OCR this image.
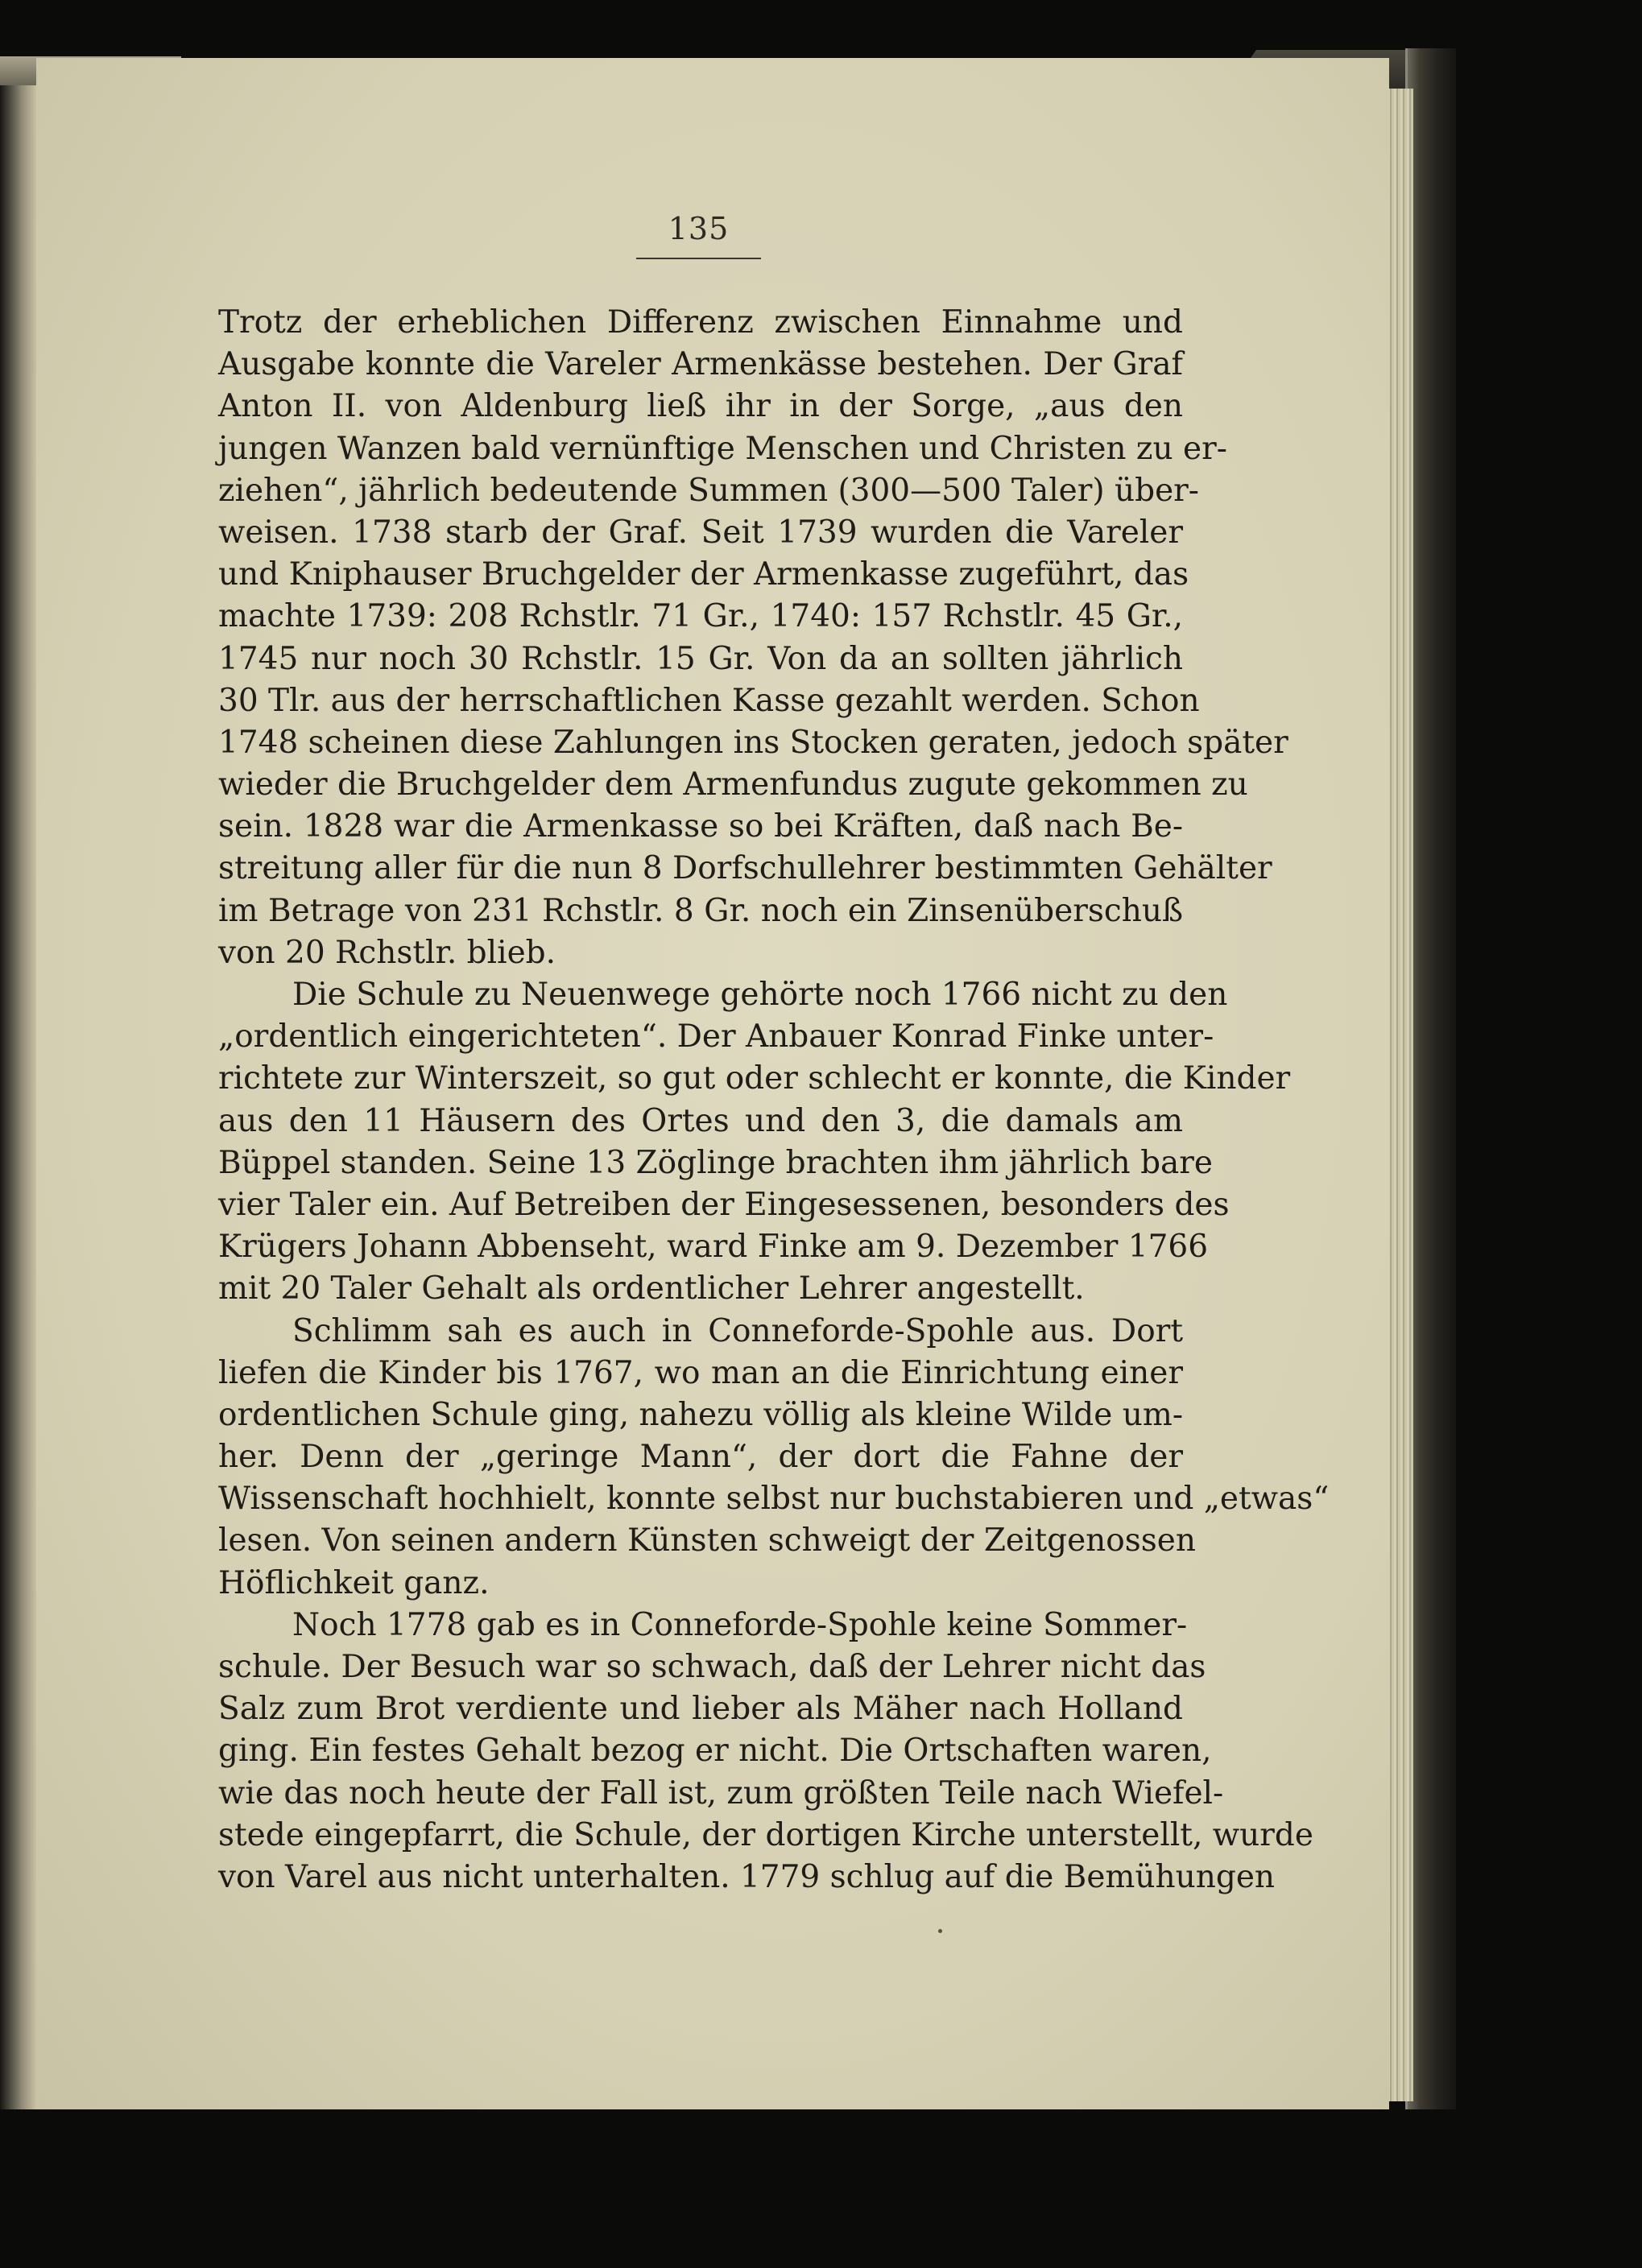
135
Trotz der erheblichen Differenz zwischen Einnahme und
Ausgabe konnte die Vareler Armenkässe bestehen. Der Graf
Anton II. von Aldenburg ließ ihr in der Sorge, „aus den
jungen Wanzen bald vernünftige Menschen und Christen zu er-
ziehen“, jährlich bedeutende Summen (300—500 Taler) über-
weisen. 1738 starb der Graf. Seit 1739 wurden die Vareler
und Kniphauser Bruchgelder der Armenkasse zugeführt, das
machte 1739: 208 Rchstlr. 71 Gr., 1740: 157 Rchstlr. 45 Gr.,
1745 nur noch 30 Rchstlr. 15 Gr. Von da an sollten jährlich
30 Tlr. aus der herrschaftlichen Kasse gezahlt werden. Schon
1748 scheinen diese Zahlungen ins Stocken geraten, jedoch später
wieder die Bruchgelder dem Armenfundus zugute gekommen zu
sein. 1828 war die Armenkasse so bei Kräften, daß nach Be-
streitung aller für die nun 8 Dorfschullehrer bestimmten Gehälter
im Betrage von 231 Rchstlr. 8 Gr. noch ein Zinsenüberschuß
von 20 Rchstlr. blieb.
Die Schule zu Neuenwege gehörte noch 1766 nicht zu den
„ordentlich eingerichteten“. Der Anbauer Konrad Finke unter-
richtete zur Winterszeit, so gut oder schlecht er konnte, die Kinder
aus den 11 Häusern des Ortes und den 3, die damals am
Büppel standen. Seine 13 Zöglinge brachten ihm jährlich bare
vier Taler ein. Auf Betreiben der Eingesessenen, besonders des
Krügers Johann Abbenseht, ward Finke am 9. Dezember 1766
mit 20 Taler Gehalt als ordentlicher Lehrer angestellt.
Schlimm sah es auch in Conneforde-Spohle aus. Dort
liefen die Kinder bis 1767, wo man an die Einrichtung einer
ordentlichen Schule ging, nahezu völlig als kleine Wilde um-
her. Denn der „geringe Mann“, der dort die Fahne der
Wissenschaft hochhielt, konnte selbst nur buchstabieren und „etwas“
lesen. Von seinen andern Künsten schweigt der Zeitgenossen
Höflichkeit ganz.
Noch 1778 gab es in Conneforde-Spohle keine Sommer-
schule. Der Besuch war so schwach, daß der Lehrer nicht das
Salz zum Brot verdiente und lieber als Mäher nach Holland
ging. Ein festes Gehalt bezog er nicht. Die Ortschaften waren,
wie das noch heute der Fall ist, zum größten Teile nach Wiefel-
stede eingepfarrt, die Schule, der dortigen Kirche unterstellt, wurde
von Varel aus nicht unterhalten. 1779 schlug auf die Bemühungen
